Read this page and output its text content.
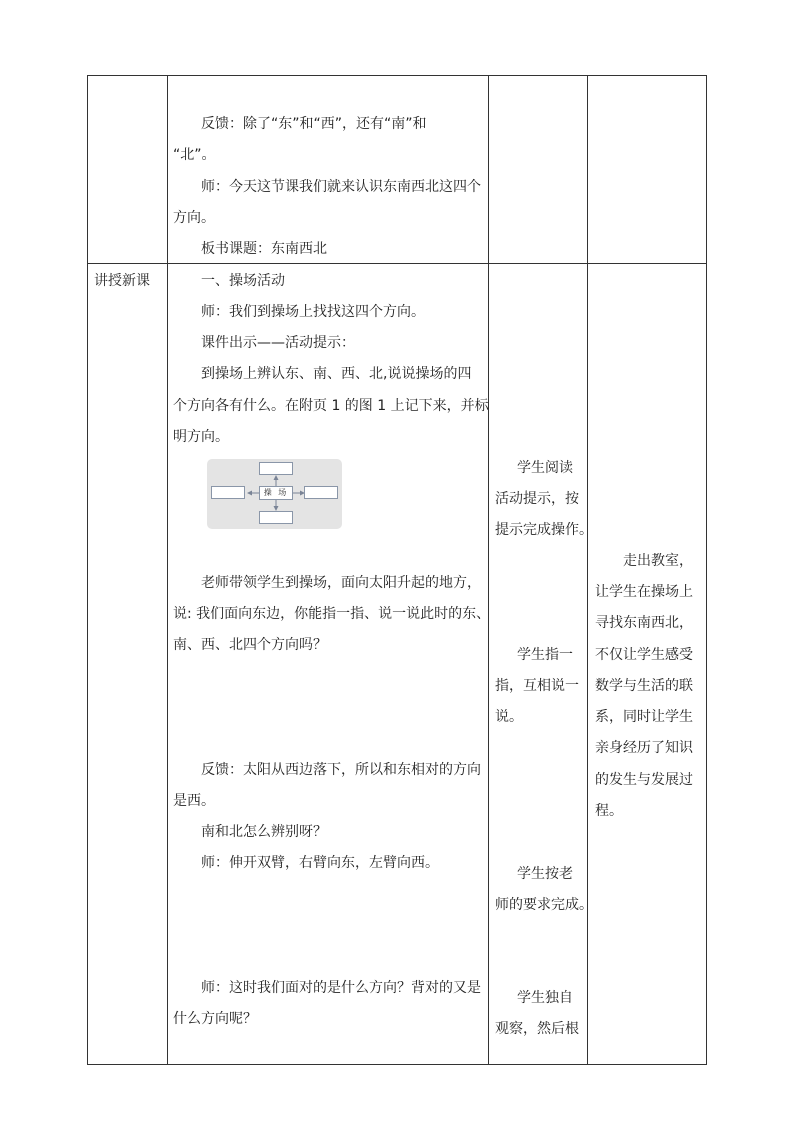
反馈：除了“东”和“西”，还有“南”和
“北”。
师：今天这节课我们就来认识东南西北这四个
方向。
板书课题：东南西北
讲授新课	一、操场活动
师：我们到操场上找找这四个方向。
课件出示——活动提示：
到操场上辨认东、南、西、北,说说操场的四
个方向各有什么。在附页 1 的图 1 上记下来，并标
明方向。
操 场
老师带领学生到操场，面向太阳升起的地方，
说: 我们面向东边，你能指一指、说一说此时的东、
南、西、北四个方向吗？
反馈：太阳从西边落下，所以和东相对的方向
是西。
南和北怎么辨别呀？
师：伸开双臂，右臂向东，左臂向西。
师：这时我们面对的是什么方向？背对的又是
什么方向呢？
学生阅读
活动提示，按
提示完成操作。
学生指一
指，互相说一
说。
学生按老
师的要求完成。
学生独自
观察，然后根
走出教室，
让学生在操场上
寻找东南西北，
不仅让学生感受
数学与生活的联
系，同时让学生
亲身经历了知识
的发生与发展过
程。
